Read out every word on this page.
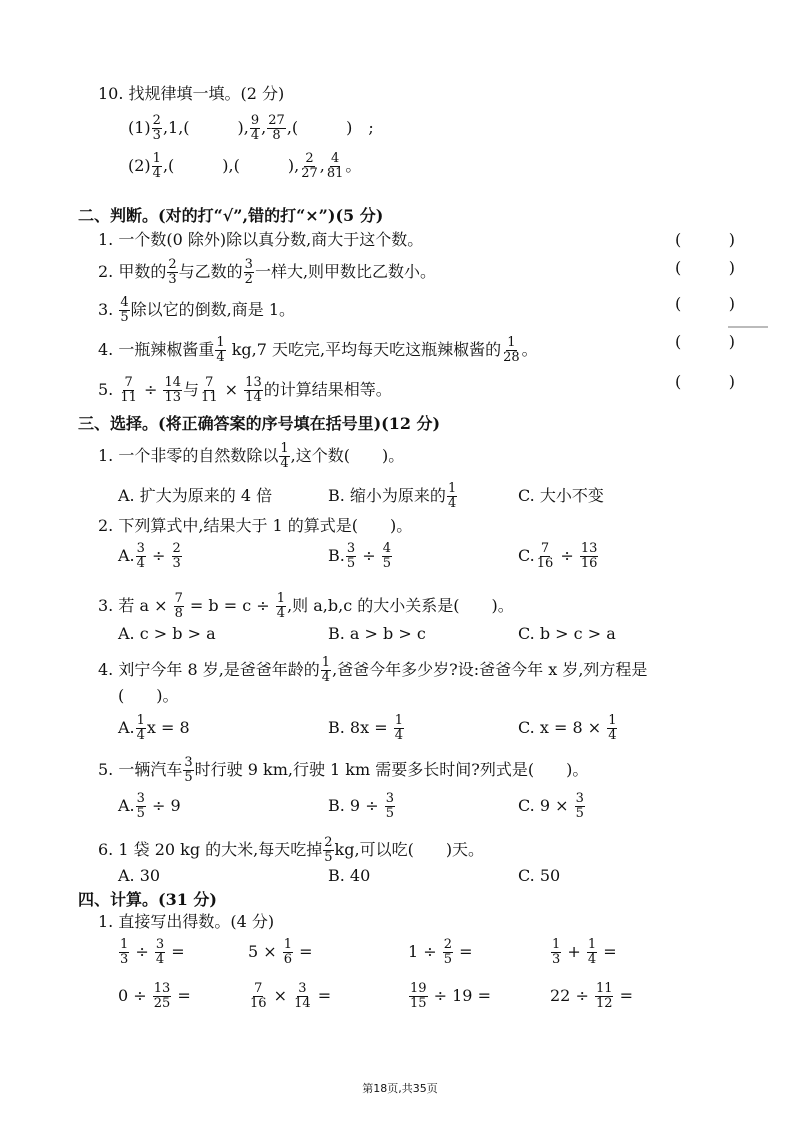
10. 找规律填一填。(2 分)
$(1) \frac{2}{3} ,1$,(　　　), $\frac{9}{4}$ , $\frac{27}{8}$ ,(　　　)　;
$(2) \frac{1}{4}$ ,(　　　),(　　　), $\frac{2}{27}$ , $\frac{4}{81}$ 。
二、判断。(对的打“√”,错的打“×”)(5 分)
1. 一个数(0 除外)除以真分数,商大于这个数。	(	)
2. 甲数的 $\frac{2}{3}$ 与乙数的 $\frac{3}{2}$ 一样大,则甲数比乙数小。	(	)
3. $\frac{4}{5}$ 除以它的倒数,商是 1。	(	)
4. 一瓶辣椒酱重 $\frac{1}{4} kg,7$ 天吃完,平均每天吃这瓶辣椒酱的 $\frac{1}{28}$ 。	(	)
5. $\frac{7}{11} \div \frac{14}{13}$ 与 $\frac{7}{11} \times \frac{13}{14}$ 的计算结果相等。	(	)
三、选择。(将正确答案的序号填在括号里)(12 分)
1. 一个非零的自然数除以 $\frac{1}{4}$ ,这个数(　　)。
A. 扩大为原来的 4 倍	B. 缩小为原来的 $\frac{1}{4}$	C. 大小不变
2. 下列算式中,结果大于 1 的算式是(　　)。
A. $\frac{3}{4} \div \frac{2}{3}$	B. $\frac{3}{5} \div \frac{4}{5}$	C. $\frac{7}{16} \div \frac{13}{16}$
3. 若 $a \times \frac{7}{8} = b = c \div \frac{1}{4}$ ,则 a,b,c 的大小关系是(　　)。
A. c > b > a	B. a > b > c	C. b > c > a
4. 刘宁今年 8 岁,是爸爸年龄的 $\frac{1}{4}$ ,爸爸今年多少岁?设:爸爸今年 x 岁,列方程是
(　　)。
A. $\frac{1}{4}$ x = 8	B. $8x = \frac{1}{4}$	C. $x = 8 \times \frac{1}{4}$
5. 一辆汽车 $\frac{3}{5}$ 时行驶 9 km,行驶 1 km 需要多长时间?列式是(　　)。
A. $\frac{3}{5} \div 9$	B. $9 \div \frac{3}{5}$	C. $9 \times \frac{3}{5}$
6. 1 袋 20 kg 的大米,每天吃掉 $\frac{2}{5}$ kg,可以吃(　　)天。
A. 30	B. 40	C. 50
四、计算。(31 分)
1. 直接写出得数。(4 分)
$\frac{1}{3} \div \frac{3}{4}$ =	$5 \times \frac{1}{6}$ =	$1 \div \frac{2}{5}$ =	$\frac{1}{3} + \frac{1}{4}$ =
$0 \div \frac{13}{25}$ =	$\frac{7}{16} \times \frac{3}{14}$ =	$\frac{19}{15} \div 19$ =	$22 \div \frac{11}{12}$ =
第18页,共35页
